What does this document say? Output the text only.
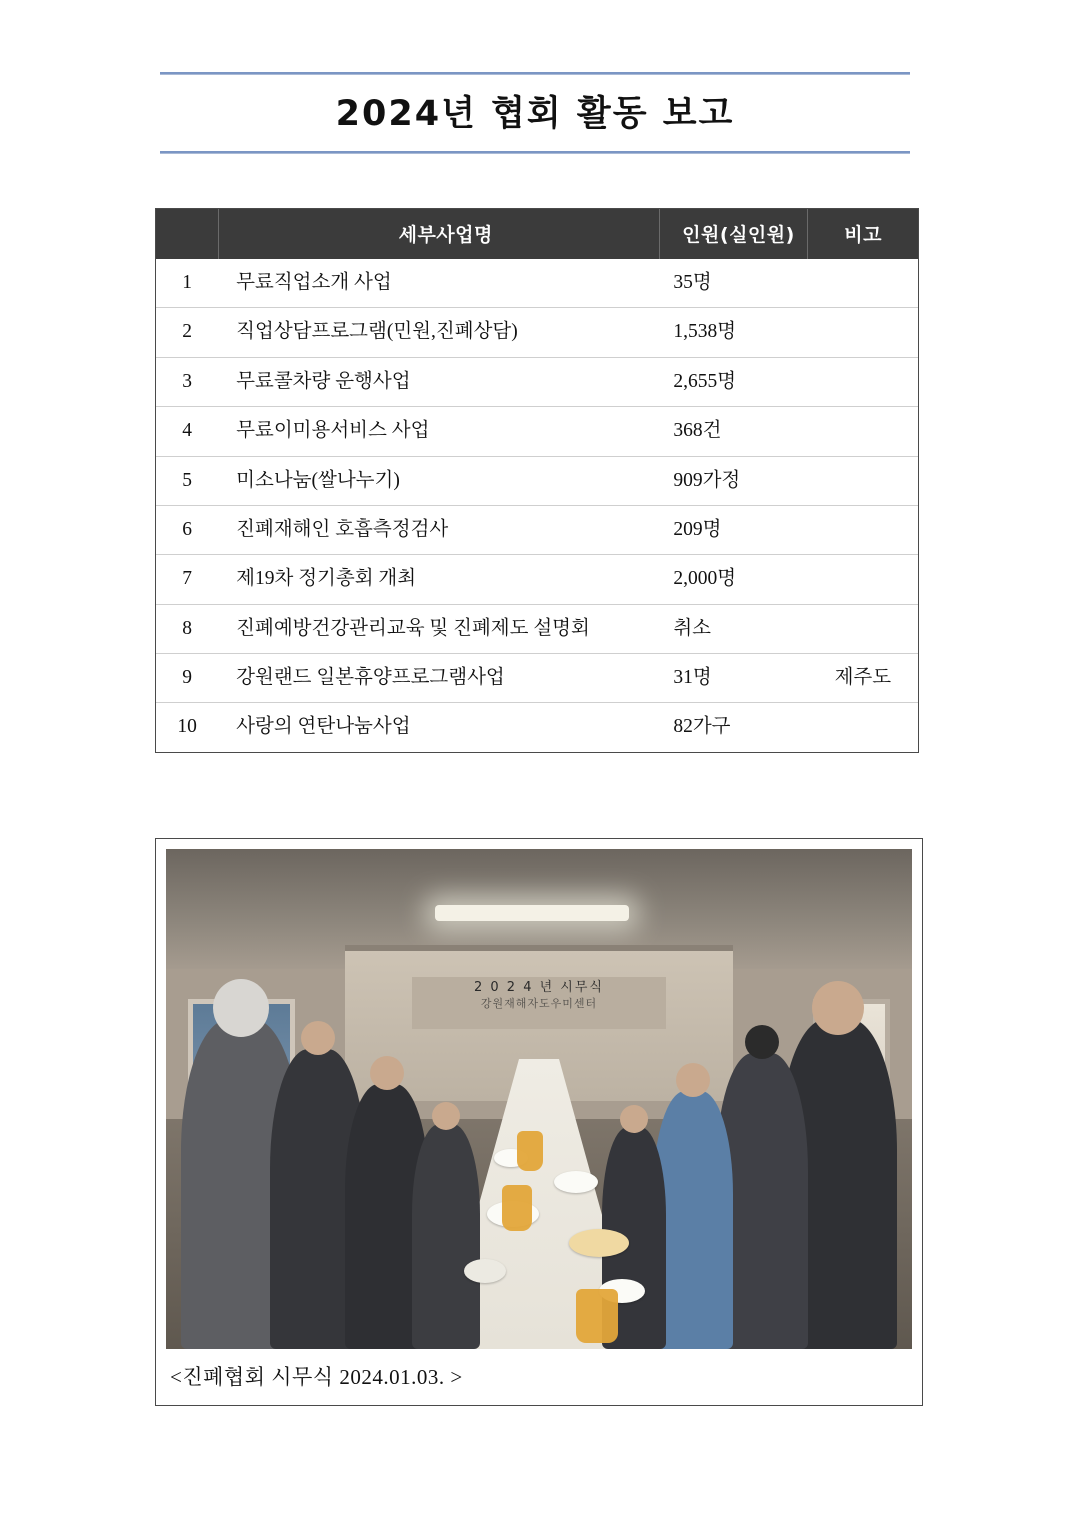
2024년 협회 활동 보고
	세부사업명	인원(실인원)	비고
1	무료직업소개 사업	35명	
2	직업상담프로그램(민원,진폐상담)	1,538명	
3	무료콜차량 운행사업	2,655명	
4	무료이미용서비스 사업	368건	
5	미소나눔(쌀나누기)	909가정	
6	진폐재해인 호흡측정검사	209명	
7	제19차 정기총회 개최	2,000명	
8	진폐예방건강관리교육 및 진폐제도 설명회	취소	
9	강원랜드 일본휴양프로그램사업	31명	제주도
10	사랑의 연탄나눔사업	82가구	
2 0 2 4 년 시무식
강원재해자도우미센터
<진폐협회 시무식 2024.01.03. >
